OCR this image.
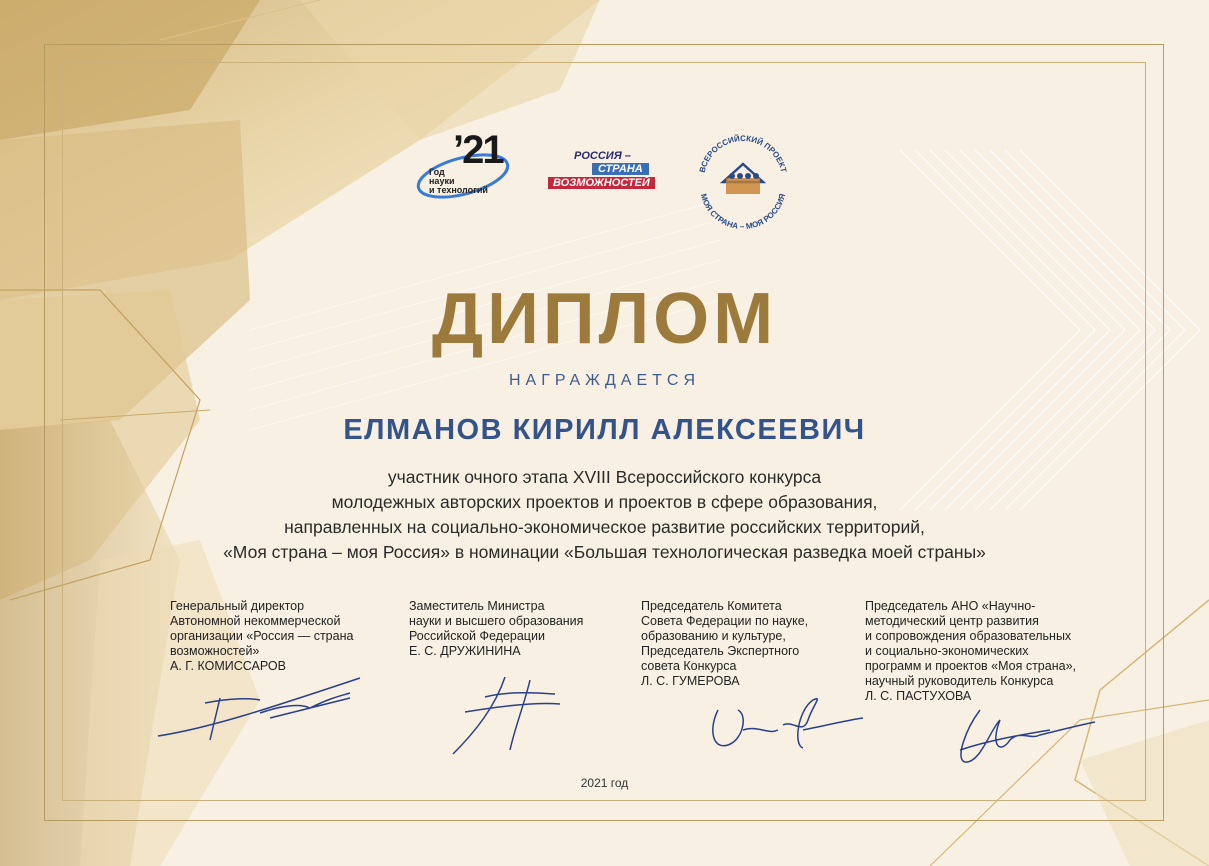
’21
Год
науки
и технологий
РОССИЯ –
СТРАНА
ВОЗМОЖНОСТЕЙ
ВСЕРОССИЙСКИЙ ПРОЕКТ
МОЯ СТРАНА – МОЯ РОССИЯ
ДИПЛОМ
НАГРАЖДАЕТСЯ
ЕЛМАНОВ КИРИЛЛ АЛЕКСЕЕВИЧ
участник очного этапа XVIII Всероссийского конкурса
молодежных авторских проектов и проектов в сфере образования,
направленных на социально-экономическое развитие российских территорий,
«Моя страна – моя Россия» в номинации «Большая технологическая разведка моей страны»
Генеральный директор
Автономной некоммерческой
организации «Россия — страна
возможностей»
А. Г. КОМИССАРОВ
Заместитель Министра
науки и высшего образования
Российской Федерации
Е. С. ДРУЖИНИНА
Председатель Комитета
Совета Федерации по науке,
образованию и культуре,
Председатель Экспертного
совета Конкурса
Л. С. ГУМЕРОВА
Председатель АНО «Научно-
методический центр развития
и сопровождения образовательных
и социально-экономических
программ и проектов «Моя страна»,
научный руководитель Конкурса
Л. С. ПАСТУХОВА
2021 год
